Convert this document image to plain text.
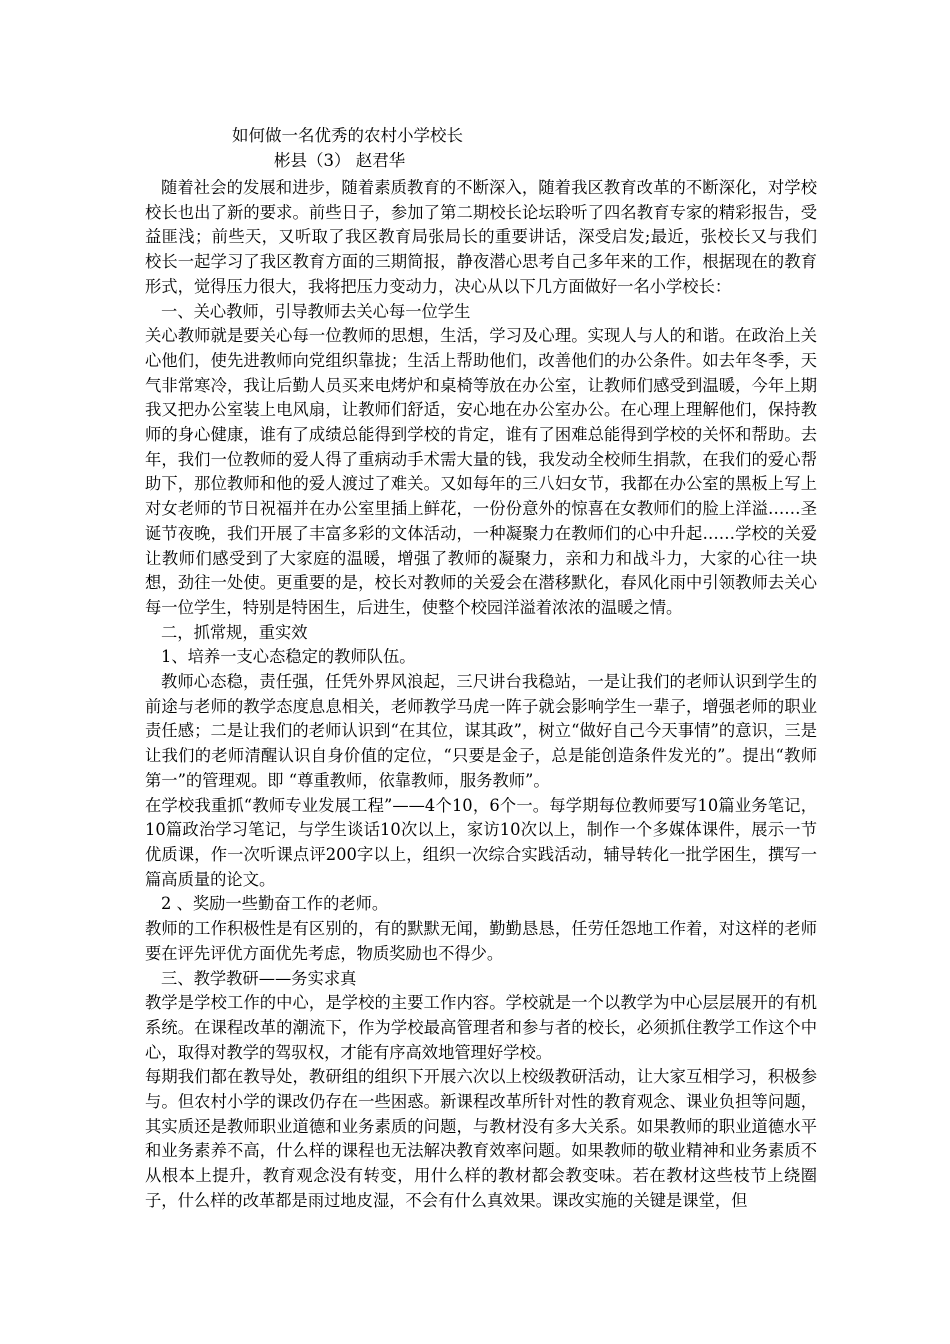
如何做一名优秀的农村小学校长
彬县（3） 赵君华

随着社会的发展和进步，随着素质教育的不断深入，随着我区教育改革的不断深化，对学校校长也出了新的要求。前些日子，参加了第二期校长论坛聆听了四名教育专家的精彩报告，受益匪浅；前些天，又听取了我区教育局张局长的重要讲话，深受启发;最近，张校长又与我们校长一起学习了我区教育方面的三期简报，静夜潜心思考自己多年来的工作，根据现在的教育形式，觉得压力很大，我将把压力变动力，决心从以下几方面做好一名小学校长：

一、关心教师，引导教师去关心每一位学生

关心教师就是要关心每一位教师的思想，生活，学习及心理。实现人与人的和谐。在政治上关心他们，使先进教师向党组织靠拢；生活上帮助他们，改善他们的办公条件。如去年冬季，天气非常寒冷，我让后勤人员买来电烤炉和桌椅等放在办公室，让教师们感受到温暖，今年上期我又把办公室装上电风扇，让教师们舒适，安心地在办公室办公。在心理上理解他们，保持教师的身心健康，谁有了成绩总能得到学校的肯定，谁有了困难总能得到学校的关怀和帮助。去年，我们一位教师的爱人得了重病动手术需大量的钱，我发动全校师生捐款，在我们的爱心帮助下，那位教师和他的爱人渡过了难关。又如每年的三八妇女节，我都在办公室的黑板上写上对女老师的节日祝福并在办公室里插上鲜花，一份份意外的惊喜在女教师们的脸上洋溢……圣诞节夜晚，我们开展了丰富多彩的文体活动，一种凝聚力在教师们的心中升起……学校的关爱让教师们感受到了大家庭的温暖，增强了教师的凝聚力，亲和力和战斗力，大家的心往一块想，劲往一处使。更重要的是，校长对教师的关爱会在潜移默化，春风化雨中引领教师去关心每一位学生，特别是特困生，后进生，使整个校园洋溢着浓浓的温暖之情。

二，抓常规，重实效

1、培养一支心态稳定的教师队伍。

教师心态稳，责任强，任凭外界风浪起，三尺讲台我稳站，一是让我们的老师认识到学生的前途与老师的教学态度息息相关，老师教学马虎一阵子就会影响学生一辈子，增强老师的职业责任感；二是让我们的老师认识到“在其位，谋其政”，树立“做好自己今天事情”的意识，三是让我们的老师清醒认识自身价值的定位，“只要是金子，总是能创造条件发光的”。提出“教师第一”的管理观。即 “尊重教师，依靠教师，服务教师”。

在学校我重抓“教师专业发展工程”——4个10，6个一。每学期每位教师要写10篇业务笔记，10篇政治学习笔记，与学生谈话10次以上，家访10次以上，制作一个多媒体课件，展示一节优质课，作一次听课点评200字以上，组织一次综合实践活动，辅导转化一批学困生，撰写一篇高质量的论文。

2 、奖励一些勤奋工作的老师。

教师的工作积极性是有区别的，有的默默无闻，勤勤恳恳，任劳任怨地工作着，对这样的老师要在评先评优方面优先考虑，物质奖励也不得少。

三、教学教研——务实求真

教学是学校工作的中心，是学校的主要工作内容。学校就是一个以教学为中心层层展开的有机系统。在课程改革的潮流下，作为学校最高管理者和参与者的校长，必须抓住教学工作这个中心，取得对教学的驾驭权，才能有序高效地管理好学校。

每期我们都在教导处，教研组的组织下开展六次以上校级教研活动，让大家互相学习，积极参与。但农村小学的课改仍存在一些困惑。新课程改革所针对性的教育观念、课业负担等问题，其实质还是教师职业道德和业务素质的问题，与教材没有多大关系。如果教师的职业道德水平和业务素养不高，什么样的课程也无法解决教育效率问题。如果教师的敬业精神和业务素质不从根本上提升，教育观念没有转变，用什么样的教材都会教变味。若在教材这些枝节上绕圈子，什么样的改革都是雨过地皮湿，不会有什么真效果。课改实施的关键是课堂，但
